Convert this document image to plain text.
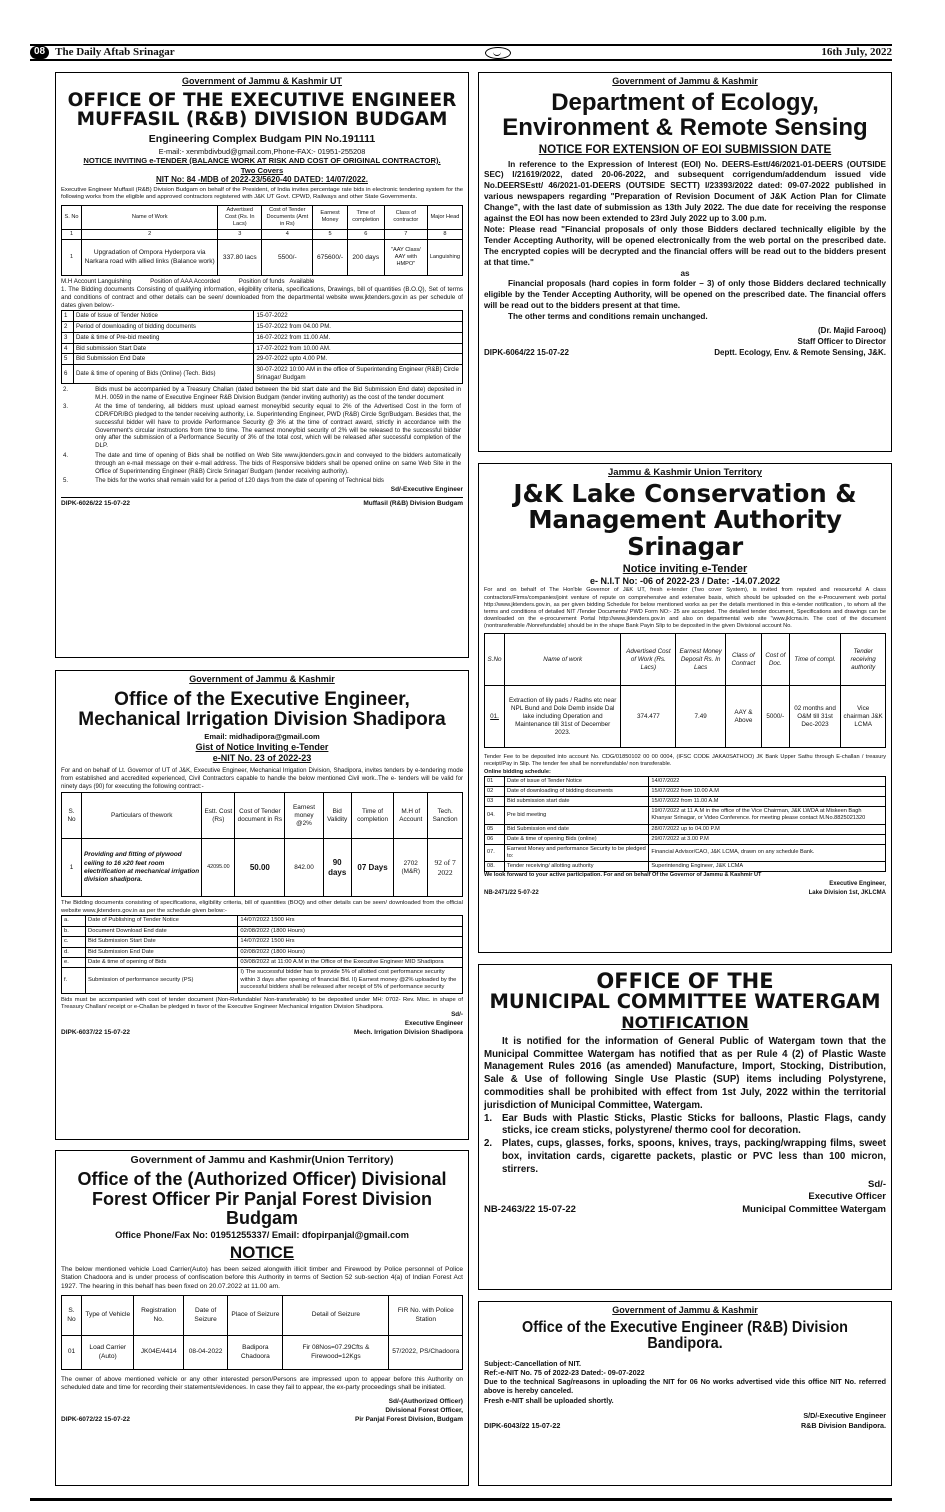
08 The Daily Aftab Srinagar	16th July, 2022
Government of Jammu & Kashmir UT
OFFICE OF THE EXECUTIVE ENGINEER
MUFFASIL (R&B) DIVISION BUDGAM
Engineering Complex Budgam PIN No.191111
E-mail:- xenmbdivbud@gmail.com,Phone-FAX:- 01951-255208
NOTICE INVITING e-TENDER (BALANCE WORK AT RISK AND COST OF ORIGINAL CONTRACTOR).
Two Covers
NIT No: 84 -MDB of 2022-23/5620-40 DATED: 14/07/2022.
Executive Engineer Muffasil (R&B) Division Budgam on behalf of the President, of India invites percentage rate bids in electronic tendering system for the following works from the eligible and approved contractors registered with J&K UT Govt. CPWD, Railways and other State Governments.
S. No	Name of Work	Advertised Cost (Rs. In Lacs)	Cost of Tender Documents (Amt in Rs)	Earnest Money	Time of completion	Class of contractor	Major Head
1	2	3	4	5	6	7	8
1	Upgradation of Ompora Hyderpora via Narkara road with allied links (Balance work)	337.80 lacs	5500/-	675600/-	200 days	"AAY Class/ AAY with HMPO"	Languishing
M.H Account Languishing           Position of AAA Accorded           Position of funds   Available
1. The Bidding documents Consisting of qualifying information, eligibility criteria, specifications, Drawings, bill of quantities (B.O.Q), Set of terms and conditions of contract and other details can be seen/ downloaded from the departmental website www.jktenders.gov.in as per schedule of dates given below:-
1	Date of Issue of Tender Notice	15-07-2022
2	Period of downloading of bidding documents	15-07-2022 from 04.00 PM.
3	Date & time of Pre-bid meeting	16-07-2022 from 11.00 AM.
4	Bid submission Start Date	17-07-2022 from 10.00 AM.
5	Bid Submission End Date	29-07-2022 upto 4.00 PM.
6	Date & time of opening of Bids (Online) (Tech. Bids)	30-07-2022 10:00 AM in the office of Superintending Engineer (R&B) Circle Srinagar/ Budgam
2.	Bids must be accompanied by a Treasury Challan (dated between the bid start date and the Bid Submission End date) deposited in M.H. 0059 in the name of Executive Engineer R&B Division Budgam (tender inviting authority) as the cost of the tender document
3.	At the time of tendering, all bidders must upload earnest money/bid security equal to 2% of the Advertised Cost in the form of CDR/FDR/BG pledged to the tender receiving authority, i.e. Superintending Engineer, PWD (R&B) Circle Sgr/Budgam. Besides that, the successful bidder will have to provide Performance Security @ 3% at the time of contract award, strictly in accordance with the Government's circular instructions from time to time. The earnest money/bid security of 2% will be released to the successful bidder only after the submission of a Performance Security of 3% of the total cost, which will be released after successful completion of the DLP.
4.	The date and time of opening of Bids shall be notified on Web Site www.jktenders.gov.in and conveyed to the bidders automatically through an e-mail message on their e-mail address. The bids of Responsive bidders shall be opened online on same Web Site in the Office of Superintending Engineer (R&B) Circle Srinagar/ Budgam (tender receiving authority).
5.	The bids for the works shall remain valid for a period of 120 days from the date of opening of Technical bids
Sd/-Executive Engineer
DIPK-6026/22 15-07-22	Muffasil (R&B) Division Budgam
Government of Jammu & Kashmir
Office of the Executive Engineer,
Mechanical Irrigation Division Shadipora
Email: midhadipora@gmail.com
Gist of Notice Inviting e-Tender
e-NIT No. 23 of 2022-23
For and on behalf of Lt. Governor of UT of J&K, Executive Engineer, Mechanical Irrigation Division, Shadipora, invites tenders by e-tendering mode from established and accredited experienced, Civil Contractors capable to handle the below mentioned Civil work..The e- tenders will be valid for ninety days (90) for executing the following contract:-
S. No	Particulars of thework	Estt. Cost (Rs)	Cost of Tender document in Rs	Earnest money @2%	Bid Validity	Time of completion	M.H of Account	Tech. Sanction
1	Providing and fitting of plywood ceiling to 16 x20 feet room electrification at mechanical irrigation division shadipora.	42095.00	50.00	842.00	90 days	07 Days	2702 (M&R)	92 of 7 2022
The Bidding documents consisting of specifications, eligibility criteria, bill of quantities (BOQ) and other details can be seen/ downloaded from the official website www.jktenders.gov.in as per the schedule given below:-
a.	Date of Publishing of Tender Notice	14/07/2022 1500 Hrs
b.	Document Download End date	02/08/2022 (1800 Hours)
c.	Bid Submission Start Date	14/07/2022 1500 Hrs
d.	Bid Submission End Date	02/08/2022 (1800 Hours)
e.	Date & time of opening of Bids	03/08/2022 at 11:00 A.M in the Office of the Executive Engineer MID Shadipora
f.	Submission of performance security (PS)	I) The successful bidder has to provide 5% of allotted cost performance security within 3 days after opening of financial Bid. II) Earnest money @2% uploaded by the successful bidders shall be released after receipt of 5% of performance security
Bids must be accompanied with cost of tender document (Non-Refundable/ Non-transferable) to be deposited under MH: 0702- Rev. Misc. in shape of Treasury Challan/ receipt or e-Challan be pledged in favor of the Executive Engineer Mechanical irrigation Division Shadipora.
Sd/-
Executive Engineer
DIPK-6037/22 15-07-22	Mech. Irrigation Division Shadipora
Government of Jammu and Kashmir(Union Territory)
Office of the (Authorized Officer) Divisional
Forest Officer Pir Panjal Forest Division Budgam
Office Phone/Fax No: 01951255337/ Email: dfopirpanjal@gmail.com
NOTICE
The below mentioned vehicle Load Carrier(Auto) has been seized alongwith illicit timber and Firewood by Police personnel of Police Station Chadoora and is under process of confiscation before this Authority in terms of Section 52 sub-section 4(a) of Indian Forest Act 1927. The hearing in this behalf has been fixed on 20.07.2022 at 11.00 am.
S. No	Type of Vehicle	Registration No.	Date of Seizure	Place of Seizure	Detail of Seizure	FIR No. with Police Station
01	Load Carrier (Auto)	JK04E/4414	08-04-2022	Badipora Chadoora	Fir 08Nos=07.29Cfts & Firewood=12Kgs	57/2022, PS/Chadoora
The owner of above mentioned vehicle or any other interested person/Persons are impressed upon to appear before this Authority on scheduled date and time for recording their statements/evidences. In case they fail to appear, the ex-party proceedings shall be initiated.
Sd/-(Authorized Officer)
Divisional Forest Officer,
DIPK-6072/22 15-07-22	Pir Panjal Forest Division, Budgam
Government of Jammu & Kashmir
Department of Ecology,
Environment & Remote Sensing
NOTICE FOR EXTENSION OF EOI SUBMISSION DATE
In reference to the Expression of Interest (EOI) No. DEERS-Estt/46/2021-01-DEERS (OUTSIDE SEC) I/21619/2022, dated 20-06-2022, and subsequent corrigendum/addendum issued vide No.DEERSEstt/ 46/2021-01-DEERS (OUTSIDE SECTT) I/23393/2022 dated: 09-07-2022 published in various newspapers regarding "Preparation of Revision Document of J&K Action Plan for Climate Change", with the last date of submission as 13th July 2022. The due date for receiving the response against the EOI has now been extended to 23rd July 2022 up to 3.00 p.m.
Note: Please read "Financial proposals of only those Bidders declared technically eligible by the Tender Accepting Authority, will be opened electronically from the web portal on the prescribed date. The encrypted copies will be decrypted and the financial offers will be read out to the bidders present at that time."
as
Financial proposals (hard copies in form folder – 3) of only those Bidders declared technically eligible by the Tender Accepting Authority, will be opened on the prescribed date. The financial offers will be read out to the bidders present at that time.
The other terms and conditions remain unchanged.
(Dr. Majid Farooq)
Staff Officer to Director
DIPK-6064/22 15-07-22	Deptt. Ecology, Env. & Remote Sensing, J&K.
Jammu & Kashmir Union Territory
J&K Lake Conservation &
Management Authority Srinagar
Notice inviting e-Tender
e- N.I.T No: -06 of 2022-23 / Date: -14.07.2022
For and on behalf of The Hon'ble Governor of J&K UT, fresh e-tender (Two cover System), is invited from reputed and resourceful A class contractors/Firms/companies/joint venture of repute on comprehensive and extensive basis, which should be uploaded on the e-Procurement web portal http://www.jktenders.gov.in, as per given bidding Schedule for below mentioned works as per the details mentioned in this e-tender notification , to whom all the terms and conditions of detailed NIT /Tender Documents/ PWD Form NO:- 25 are accepted. The detailed tender document, Specifications and drawings can be downloaded on the e-procurement Portal http://www.jktenders.gov.in and also on departmental web site "www.jklcma.in. The cost of the document (nontransferable /Nonrefundable) should be in the shape Bank Payin Slip to be deposited in the given Divisional account No.
S.No	Name of work	Advertised Cost of Work (Rs. Lacs)	Earnest Money Deposit Rs. In Lacs	Class of Contract	Cost of Doc.	Time of compl.	Tender receiving authority
01.	Extraction of lily pads / Radhs etc near NPL Bund and Dole Demb inside Dal lake including Operation and Maintenance till 31st of December 2023.	374.477	7.49	AAY & Above	5000/-	02 months and O&M till 31st Dec-2023	Vice chairman J&K LCMA
Tender Fee to be deposited into account No. CDG/01850102 00 00 0004, (IFSC CODE JAKA0SATHOO) JK Bank Upper Sathu through E-challan / treasury receipt/Pay in Slip. The tender fee shall be nonrefundable/ non transferable.
Online bidding schedule:
01	Date of issue of Tender Notice	14/07/2022
02	Date of downloading of bidding documents	15/07/2022 from 10.00 A.M
03	Bid submission start date	15/07/2022 from 11.00 A.M
04.	Pre bid meeting	19/07/2022 at 11 A.M in the office of the Vice Chairman, J&K LWDA at Miskeen Bagh Khanyar Srinagar, or Video Conference. for meeting please contact M.No.8825021320
05	Bid Submission end date	28/07/2022 up to 04.00 P.M
06	Date & time of opening Bids (online)	29/07/2022 at 3.00 P.M
07.	Earnest Money and performance Security to be pledged to:	Financial Advisor/CAO, J&K LCMA, drawn on any schedule Bank.
08.	Tender receiving/ allotting authority	Superintending Engineer, J&K LCMA
We look forward to your active participation. For and on behalf Of the Governor of Jammu & Kashmir UT
Executive Engineer,
NB-2471/22 5-07-22	Lake Division 1st, JKLCMA
OFFICE OF THE
MUNICIPAL COMMITTEE WATERGAM
NOTIFICATION
It is notified for the information of General Public of Watergam town that the Municipal Committee Watergam has notified that as per Rule 4 (2) of Plastic Waste Management Rules 2016 (as amended) Manufacture, Import, Stocking, Distribution, Sale & Use of following Single Use Plastic (SUP) items including Polystyrene, commodities shall be prohibited with effect from 1st July, 2022 within the territorial jurisdiction of Municipal Committee, Watergam.
1.	Ear Buds with Plastic Sticks, Plastic Sticks for balloons, Plastic Flags, candy sticks, ice cream sticks, polystyrene/ thermo cool for decoration.
2.	Plates, cups, glasses, forks, spoons, knives, trays, packing/wrapping films, sweet box, invitation cards, cigarette packets, plastic or PVC less than 100 micron, stirrers.
Sd/-
Executive Officer
NB-2463/22 15-07-22	Municipal Committee Watergam
Government of Jammu & Kashmir
Office of the Executive Engineer (R&B) Division Bandipora.
Subject:-Cancellation of NIT.
Ref:-e-NIT No. 75 of 2022-23 Dated:- 09-07-2022
Due to the technical Sag/reasons in uploading the NIT for 06 No works advertised vide this office NIT No. referred above is hereby canceled.
Fresh e-NIT shall be uploaded shortly.
S/D/-Executive Engineer
DIPK-6043/22 15-07-22	R&B Division Bandipora.
